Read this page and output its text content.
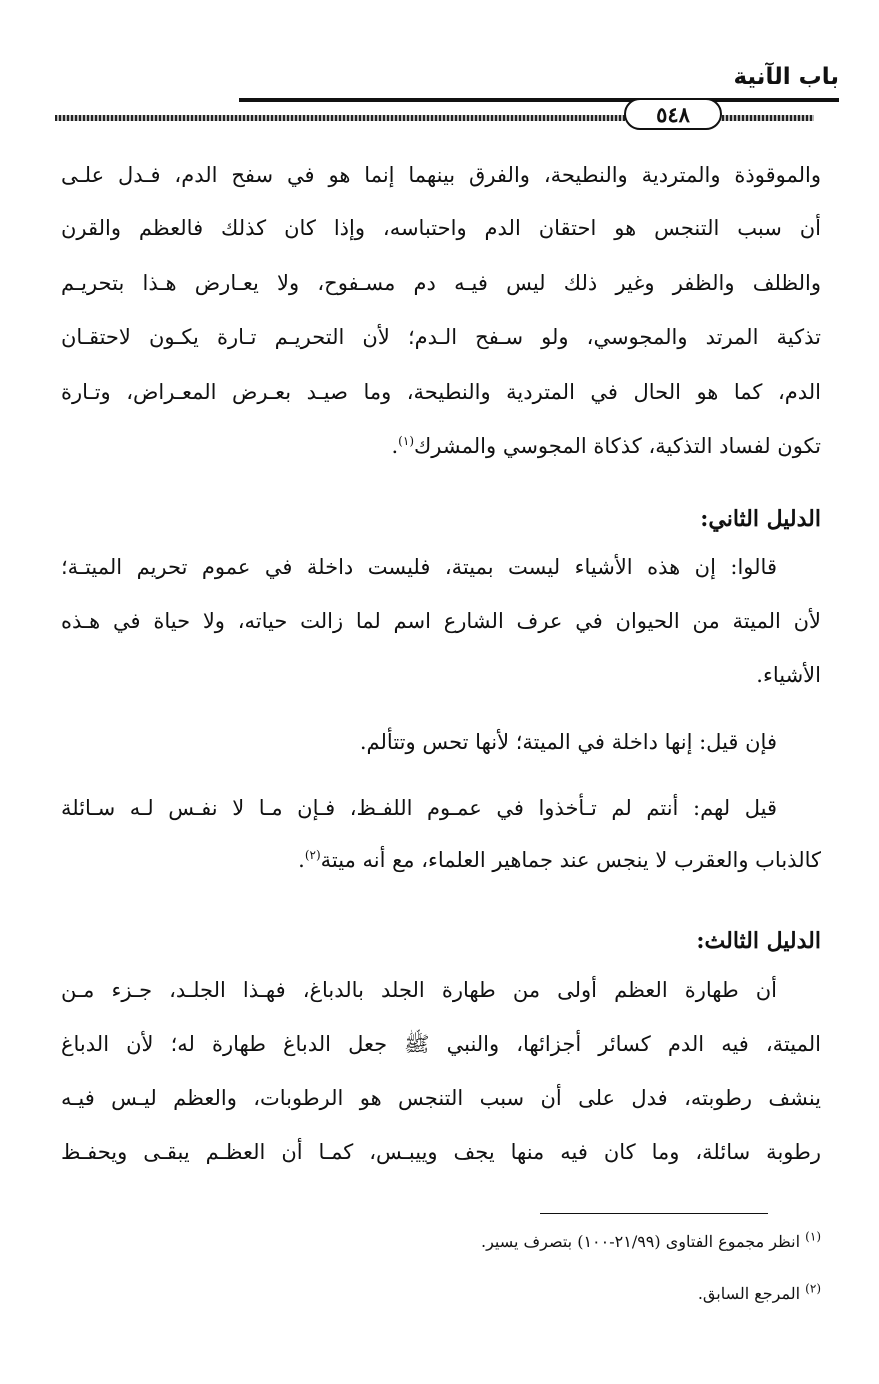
باب الآنية
٥٤٨
والموقوذة والمتردية والنطيحة، والفرق بينهما إنما هو في سفح الدم، فـدل علـى
أن سبب التنجس هو احتقان الدم واحتباسه، وإذا كان كذلك فالعظم والقرن
والظلف والظفر وغير ذلك ليس فيـه دم مسـفوح، ولا يعـارض هـذا بتحريـم
تذكية المرتد والمجوسي، ولو سـفح الـدم؛ لأن التحريـم تـارة يكـون لاحتقـان
الدم، كما هو الحال في المتردية والنطيحة، وما صيـد بعـرض المعـراض، وتـارة
تكون لفساد التذكية، كذكاة المجوسي والمشرك$^{(١)}$.
الدليل الثاني:
قالوا: إن هذه الأشياء ليست بميتة، فليست داخلة في عموم تحريم الميتـة؛
لأن الميتة من الحيوان في عرف الشارع اسم لما زالت حياته، ولا حياة في هـذه
الأشياء.
فإن قيل: إنها داخلة في الميتة؛ لأنها تحس وتتألم.
قيل لهم: أنتم لم تـأخذوا في عمـوم اللفـظ، فـإن مـا لا نفـس لـه سـائلة
كالذباب والعقرب لا ينجس عند جماهير العلماء، مع أنه ميتة$^{(٢)}$.
الدليل الثالث:
أن طهارة العظم أولى من طهارة الجلد بالدباغ، فهـذا الجلـد، جـزء مـن
الميتة، فيه الدم كسائر أجزائها، والنبي ﷺ جعل الدباغ طهارة له؛ لأن الدباغ
ينشف رطوبته، فدل على أن سبب التنجس هو الرطوبات، والعظم ليـس فيـه
رطوبة سائلة، وما كان فيه منها يجف وييبـس، كمـا أن العظـم يبقـى ويحفـظ
$^{(١)}$ انظر مجموع الفتاوى (٢١/٩٩-١٠٠) بتصرف يسير.
$^{(٢)}$ المرجع السابق.
